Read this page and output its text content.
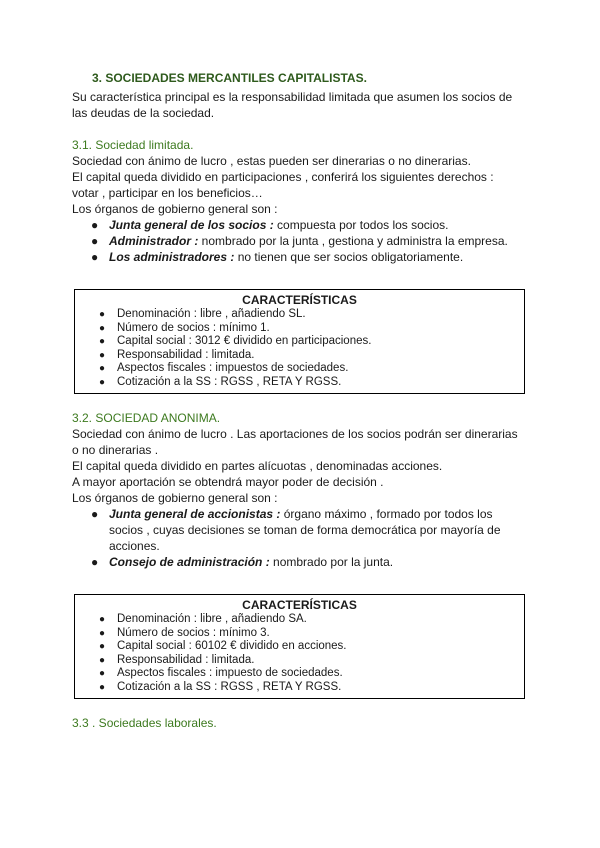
3. SOCIEDADES MERCANTILES CAPITALISTAS.

Su característica principal es la responsabilidad limitada que asumen los socios de

las deudas de la sociedad.

3.1. Sociedad limitada.

Sociedad con ánimo de lucro , estas pueden ser dinerarias o no dinerarias.

El capital queda dividido en participaciones , conferirá los siguientes derechos :

votar , participar en los beneficios…

Los órganos de gobierno general son :

● Junta general de los socios : compuesta por todos los socios.
● Administrador : nombrado por la junta , gestiona y administra la empresa.
● Los administradores : no tienen que ser socios obligatoriamente.
CARACTERÍSTICAS
● Denominación : libre , añadiendo SL.
● Número de socios : mínimo 1.
● Capital social : 3012 € dividido en participaciones.
● Responsabilidad : limitada.
● Aspectos fiscales : impuestos de sociedades.
● Cotización a la SS : RGSS , RETA Y RGSS.

3.2. SOCIEDAD ANONIMA.

Sociedad con ánimo de lucro . Las aportaciones de los socios podrán ser dinerarias

o no dinerarias .

El capital queda dividido en partes alícuotas , denominadas acciones.

A mayor aportación se obtendrá mayor poder de decisión .

Los órganos de gobierno general son :

● Junta general de accionistas : órgano máximo , formado por todos los
socios , cuyas decisiones se toman de forma democrática por mayoría de
acciones.
● Consejo de administración : nombrado por la junta.
CARACTERÍSTICAS
● Denominación : libre , añadiendo SA.
● Número de socios : mínimo 3.
● Capital social : 60102 € dividido en acciones.
● Responsabilidad : limitada.
● Aspectos fiscales : impuesto de sociedades.
● Cotización a la SS : RGSS , RETA Y RGSS.

3.3 . Sociedades laborales.
